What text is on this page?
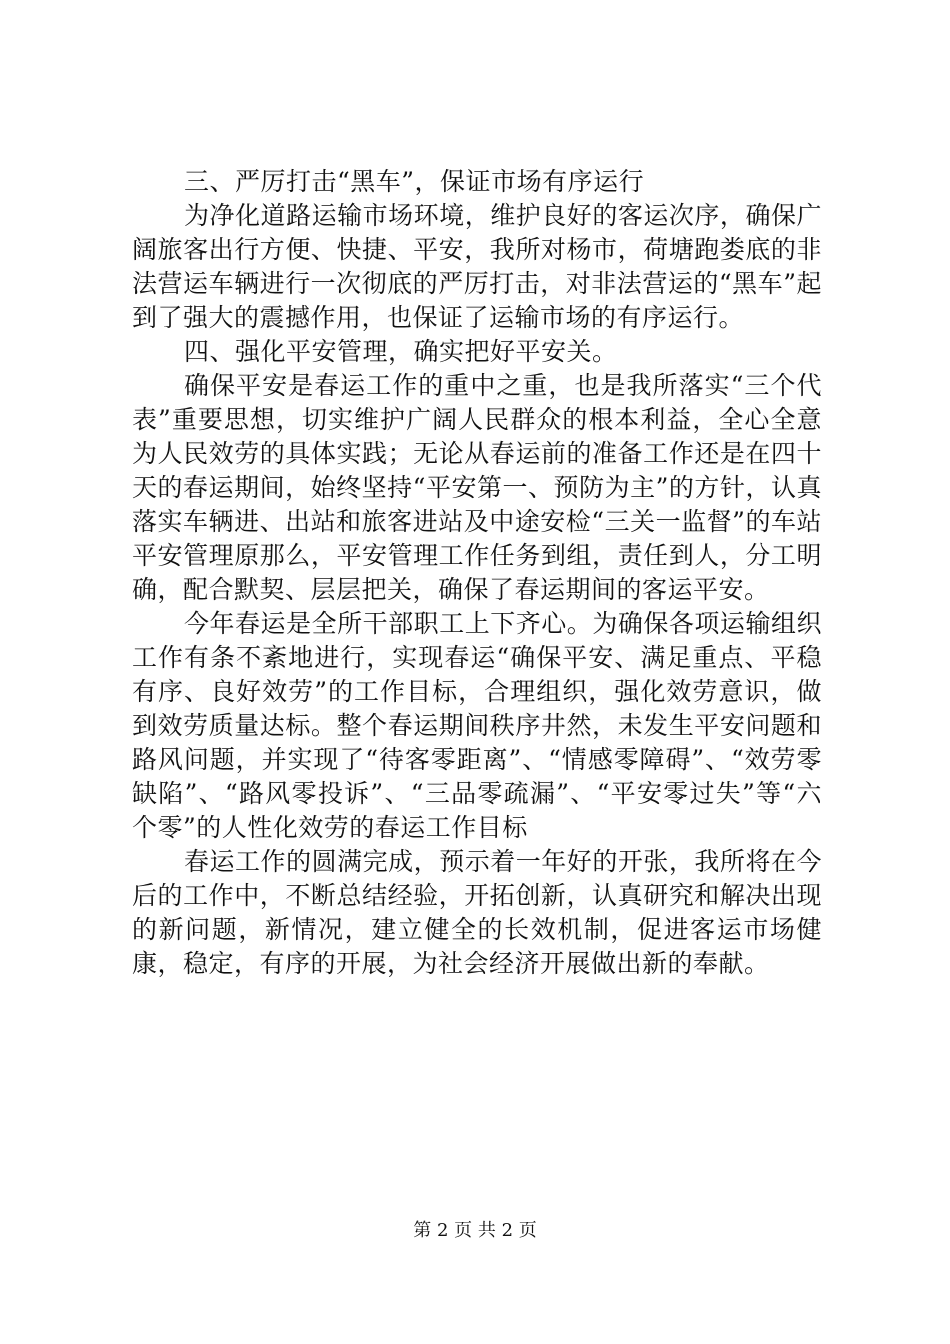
三、严厉打击“黑车”，保证市场有序运行

为净化道路运输市场环境，维护良好的客运次序，确保广阔旅客出行方便、快捷、平安，我所对杨市，荷塘跑娄底的非法营运车辆进行一次彻底的严厉打击，对非法营运的“黑车”起到了强大的震撼作用，也保证了运输市场的有序运行。

四、强化平安管理，确实把好平安关。

确保平安是春运工作的重中之重，也是我所落实“三个代表”重要思想，切实维护广阔人民群众的根本利益，全心全意为人民效劳的具体实践；无论从春运前的准备工作还是在四十天的春运期间，始终坚持“平安第一、预防为主”的方针，认真落实车辆进、出站和旅客进站及中途安检“三关一监督”的车站平安管理原那么，平安管理工作任务到组，责任到人，分工明确，配合默契、层层把关，确保了春运期间的客运平安。

今年春运是全所干部职工上下齐心。为确保各项运输组织工作有条不紊地进行，实现春运“确保平安、满足重点、平稳有序、良好效劳”的工作目标，合理组织，强化效劳意识，做到效劳质量达标。整个春运期间秩序井然，未发生平安问题和路风问题，并实现了“待客零距离”、“情感零障碍”、“效劳零缺陷”、“路风零投诉”、“三品零疏漏”、“平安零过失”等“六个零”的人性化效劳的春运工作目标

春运工作的圆满完成，预示着一年好的开张，我所将在今后的工作中，不断总结经验，开拓创新，认真研究和解决出现的新问题，新情况，建立健全的长效机制，促进客运市场健康，稳定，有序的开展，为社会经济开展做出新的奉献。

第 2 页 共 2 页
